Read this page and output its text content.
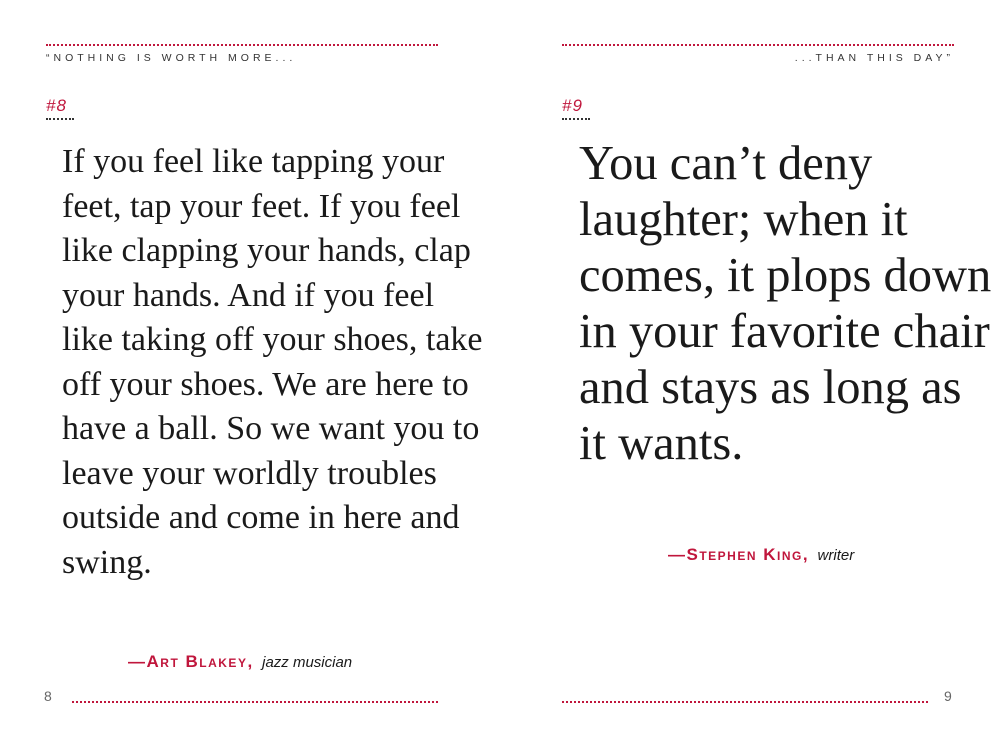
“NOTHING IS WORTH MORE...
#8

If you feel like tapping your feet, tap your feet. If you feel like clapping your hands, clap your hands. And if you feel like taking off your shoes, take off your shoes. We are here to have a ball. So we want you to leave your worldly troubles outside and come in here and swing.

—Art Blakey, jazz musician
8
...THAN THIS DAY”
#9

You can’t deny laughter; when it comes, it plops down in your favorite chair and stays as long as it wants.

—Stephen King, writer
9
